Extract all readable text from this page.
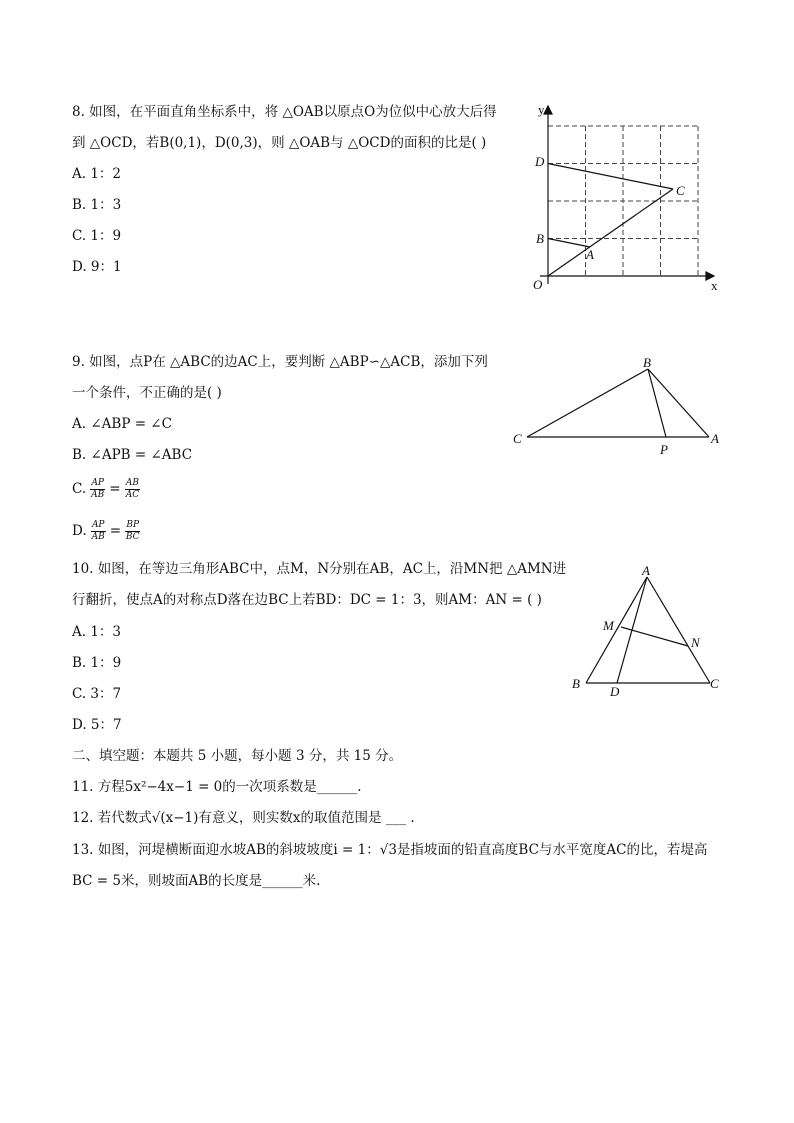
8. 如图，在平面直角坐标系中，将 △OAB以原点O为位似中心放大后得
到 △OCD，若B(0,1)，D(0,3)，则 △OAB与 △OCD的面积的比是( )
A. 1：2
B. 1：3
C. 1：9
D. 9：1
y
x
O
D
C
B
A
9. 如图，点P在 △ABC的边AC上，要判断 △ABP∽△ACB，添加下列
一个条件，不正确的是( )
A. ∠ABP = ∠C
B. ∠APB = ∠ABC
C. $\frac{AP}{AB} = \frac{AB}{AC}$
D. $\frac{AP}{AB} = \frac{BP}{BC}$
B
C
P
A
10. 如图，在等边三角形ABC中，点M，N分别在AB，AC上，沿MN把 △AMN进
行翻折，使点A的对称点D落在边BC上若BD：DC = 1：3，则AM：AN = ( )
A. 1：3
B. 1：9
C. 3：7
D. 5：7
A
M
N
B
D
C
二、填空题：本题共 5 小题，每小题 3 分，共 15 分。
11. 方程5x²−4x−1 = 0的一次项系数是______.
12. 若代数式√(x−1)有意义，则实数x的取值范围是 ___ .
13. 如图，河堤横断面迎水坡AB的斜坡坡度i = 1：√3是指坡面的铅直高度BC与水平宽度AC的比，若堤高
BC = 5米，则坡面AB的长度是______米.
